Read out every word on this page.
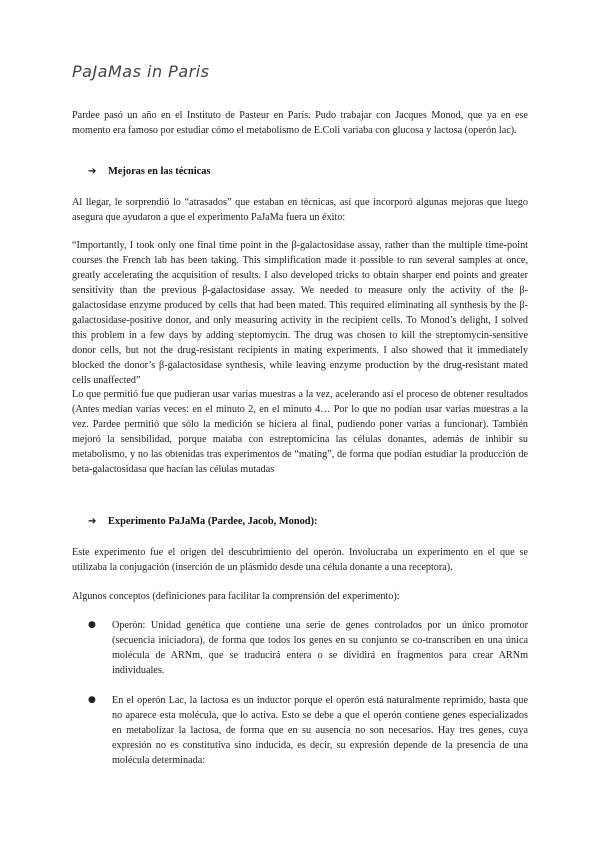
PaJaMas in Paris

Pardee pasó un año en el Instituto de Pasteur en París. Pudo trabajar con Jacques Monod, que ya en ese momento era famoso por estudiar cómo el metabolismo de E.Coli variaba con glucosa y lactosa (operón lac).

➔	Mejoras en las técnicas

Al llegar, le sorprendió lo “atrasados” que estaban en técnicas, así que incorporó algunas mejoras que luego asegura que ayudaron a que el experimento PaJaMa fuera un éxito:

“Importantly, I took only one final time point in the β-galactosidase assay, rather than the multiple time-point courses the French lab has been taking. This simplification made it possible to run several samples at once, greatly accelerating the acquisition of results. I also developed tricks to obtain sharper end points and greater sensitivity than the previous β-galactosidase assay. We needed to measure only the activity of the β-galactosidase enzyme produced by cells that had been mated. This required eliminating all synthesis by the β-galactosidase-positive donor, and only measuring activity in the recipient cells. To Monod’s delight, I solved this problem in a few days by adding steptomycin. The drug was chosen to kill the streptomycin-sensitive donor cells, but not the drug-resistant recipients in mating experiments. I also showed that it immediately blocked the donor’s β-galactosidase synthesis, while leaving enzyme production by the drug-resistant mated cells unaffected”

Lo que permitió fue que pudieran usar varias muestras a la vez, acelerando así el proceso de obtener resultados (Antes medían varias veces: en el minuto 2, en el minuto 4… Por lo que no podían usar varias muestras a la vez. Pardee permitió que sólo la medición se hiciera al final, pudiendo poner varias a funcionar). También mejoró la sensibilidad, porque mataba con estreptomicina las células donantes, además de inhibir su metabolismo, y no las obtenidas tras experimentos de “mating”, de forma que podían estudiar la producción de beta-galactosidasa que hacían las células mutadas

➔	Experimento PaJaMa (Pardee, Jacob, Monod):

Este experimento fue el origen del descubrimiento del operón. Involucraba un experimento en el que se utilizaba la conjugación (inserción de un plásmido desde una célula donante a una receptora).

Algunos conceptos (definiciones para facilitar la comprensión del experimento):

● Operón: Unidad genética que contiene una serie de genes controlados por un único promotor (secuencia iniciadora), de forma que todos los genes en su conjunto se co-transcriben en una única molécula de ARNm, que se traducirá entera o se dividirá en fragmentos para crear ARNm individuales.
● En el operón Lac, la lactosa es un inductor porque el operón está naturalmente reprimido, hasta que no aparece esta molécula, que lo activa. Esto se debe a que el operón contiene genes especializados en metabolizar la lactosa, de forma que en su ausencia no son necesarios. Hay tres genes, cuya expresión no es constitutiva sino inducida, es decir, su expresión depende de la presencia de una molécula determinada:
